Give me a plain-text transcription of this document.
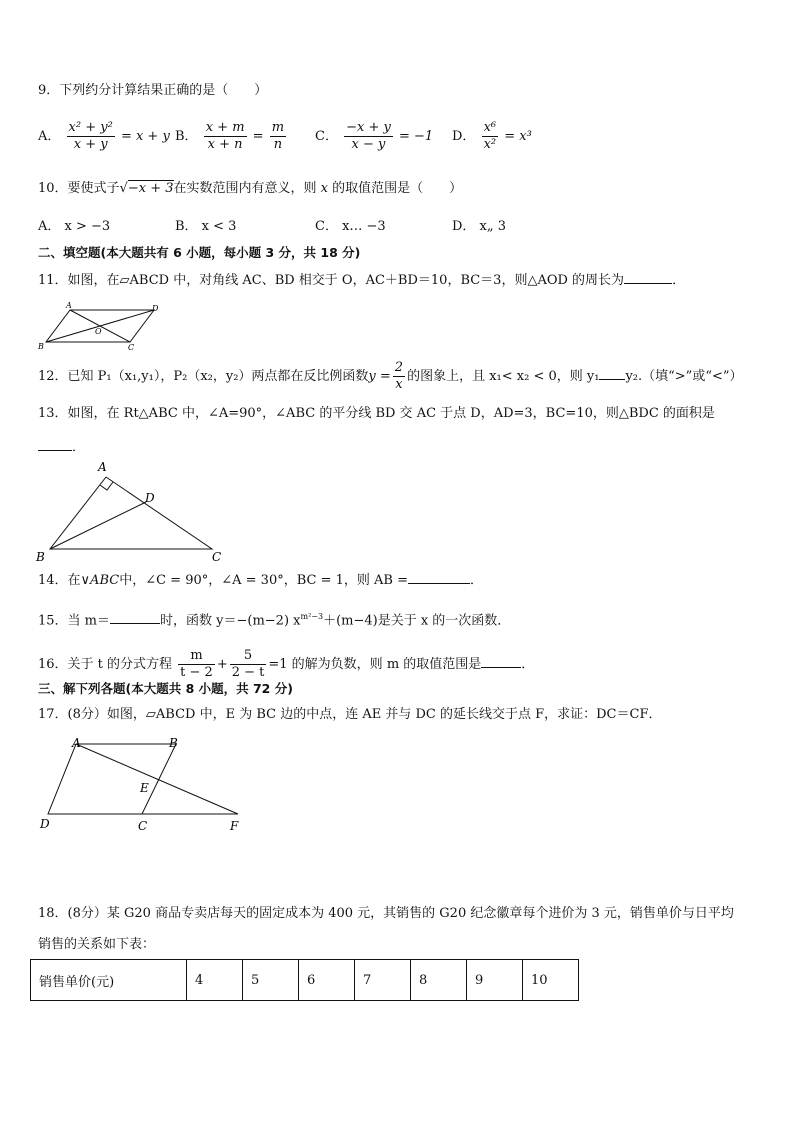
9．下列约分计算结果正确的是（　　）
A． $\frac{\text{x² + y²}}{x + y} = x + y$ B． $\frac{x + m}{x + n} = \frac{m}{n}$ C． $\frac{-x + y}{x - y} = -1$ D． $\frac{\text{x⁶}}{\text{x²}} = x^3$
10．要使式子√−x + 3在实数范围内有意义，则 x 的取值范围是（　　）
A． x > −3	B． x < 3	C． x… −3	D． x„ 3
二、填空题(本大题共有 6 小题，每小题 3 分，共 18 分)
11．如图，在▱ABCD 中，对角线 AC、BD 相交于 O，AC＋BD＝10，BC＝3，则△AOD 的周长为	．
A	D
B	C
O
12．已知 P₁（x₁,y₁），P₂（x₂，y₂）两点都在反比例函数$y = \frac{2}{x}$ 的图象上，且 x₁< x₂ < 0，则 y₁ y₂.（填“>”或“<”）
13．如图，在 Rt△ABC 中，∠A=90°，∠ABC 的平分线 BD 交 AC 于点 D，AD=3，BC=10，则△BDC 的面积是
．
A
D
B	C
14．在∨ABC中，∠C = 90°，∠A = 30°，BC = 1，则 AB =	．
15．当 m＝	时，函数 y＝−(m−2) $x^{m^2-3}+(m-4)$是关于 x 的一次函数．
16．关于 t 的分式方程 $\frac{m}{t - 2} + \frac{5}{2 - t} =1$ 的解为负数，则 m 的取值范围是	．
三、解下列各题(本大题共 8 小题，共 72 分)
17．(8分）如图，▱ABCD 中，E 为 BC 边的中点，连 AE 并与 DC 的延长线交于点 F，求证：DC＝CF．
A	B
E
D	C	F
18．(8分）某 G20 商品专卖店每天的固定成本为 400 元，其销售的 G20 纪念徽章每个进价为 3 元，销售单价与日平均
销售的关系如下表：
销售单价(元)	4	5	6	7	8	9	10
